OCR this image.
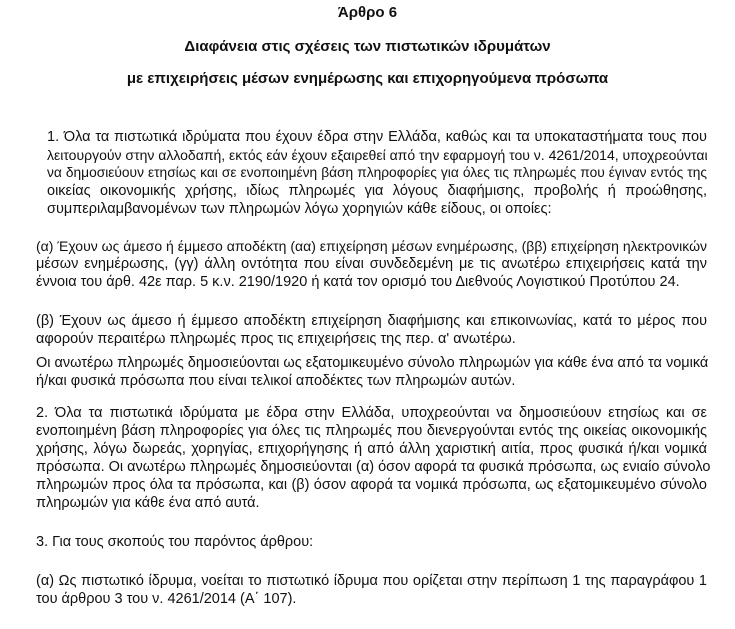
Άρθρο 6
Διαφάνεια στις σχέσεις των πιστωτικών ιδρυμάτων
με επιχειρήσεις μέσων ενημέρωσης και επιχορηγούμενα πρόσωπα
1. Όλα τα πιστωτικά ιδρύματα που έχουν έδρα στην Ελλάδα, καθώς και τα υποκαταστήματα τους που
λειτουργούν στην αλλοδαπή, εκτός εάν έχουν εξαιρεθεί από την εφαρμογή του ν. 4261/2014, υποχρεούνται
να δημοσιεύουν ετησίως και σε ενοποιημένη βάση πληροφορίες για όλες τις πληρωμές που έγιναν εντός της
οικείας οικονομικής χρήσης, ιδίως πληρωμές για λόγους διαφήμισης, προβολής ή προώθησης,
συμπεριλαμβανομένων των πληρωμών λόγω χορηγιών κάθε είδους, οι οποίες:
(α) Έχουν ως άμεσο ή έμμεσο αποδέκτη (αα) επιχείρηση μέσων ενημέρωσης, (ββ) επιχείρηση ηλεκτρονικών
μέσων ενημέρωσης, (γγ) άλλη οντότητα που είναι συνδεδεμένη με τις ανωτέρω επιχειρήσεις κατά την
έννοια του άρθ. 42ε παρ. 5 κ.ν. 2190/1920 ή κατά τον ορισμό του Διεθνούς Λογιστικού Προτύπου 24.
(β) Έχουν ως άμεσο ή έμμεσο αποδέκτη επιχείρηση διαφήμισης και επικοινωνίας, κατά το μέρος που
αφορούν περαιτέρω πληρωμές προς τις επιχειρήσεις της περ. α' ανωτέρω.
Οι ανωτέρω πληρωμές δημοσιεύονται ως εξατομικευμένο σύνολο πληρωμών για κάθε ένα από τα νομικά
ή/και φυσικά πρόσωπα που είναι τελικοί αποδέκτες των πληρωμών αυτών.
2. Όλα τα πιστωτικά ιδρύματα με έδρα στην Ελλάδα, υποχρεούνται να δημοσιεύουν ετησίως και σε
ενοποιημένη βάση πληροφορίες για όλες τις πληρωμές που διενεργούνται εντός της οικείας οικονομικής
χρήσης, λόγω δωρεάς, χορηγίας, επιχορήγησης ή από άλλη χαριστική αιτία, προς φυσικά ή/και νομικά
πρόσωπα. Οι ανωτέρω πληρωμές δημοσιεύονται (α) όσον αφορά τα φυσικά πρόσωπα, ως ενιαίο σύνολο
πληρωμών προς όλα τα πρόσωπα, και (β) όσον αφορά τα νομικά πρόσωπα, ως εξατομικευμένο σύνολο
πληρωμών για κάθε ένα από αυτά.
3. Για τους σκοπούς του παρόντος άρθρου:
(α) Ως πιστωτικό ίδρυμα, νοείται το πιστωτικό ίδρυμα που ορίζεται στην περίπωση 1 της παραγράφου 1
του άρθρου 3 του ν. 4261/2014 (Α΄ 107).
